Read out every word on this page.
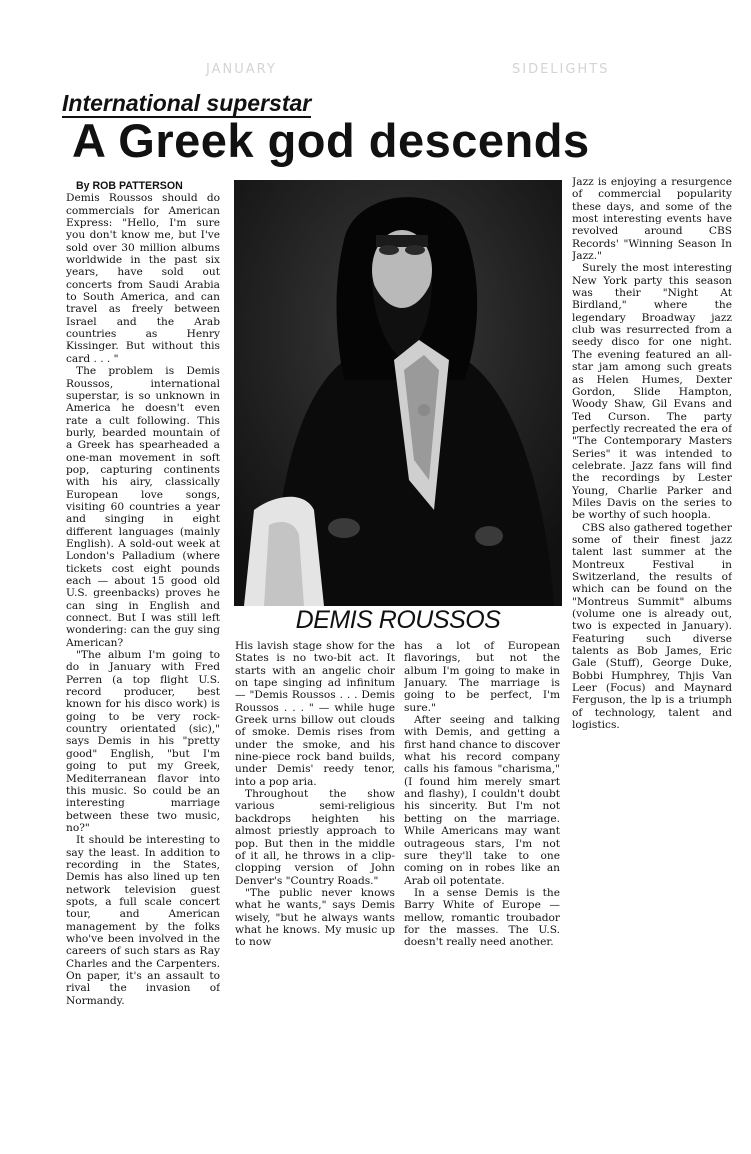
SIDELIGHTS
JANUARY
International superstar
A Greek god descends

By ROB PATTERSON

Demis Roussos should do commercials for American Express: "Hello, I'm sure you don't know me, but I've sold over 30 million albums worldwide in the past six years, have sold out concerts from Saudi Arabia to South America, and can travel as freely between Israel and the Arab countries as Henry Kissinger. But without this card . . . "

The problem is Demis Roussos, international superstar, is so unknown in America he doesn't even rate a cult following. This burly, bearded mountain of a Greek has spearheaded a one-man movement in soft pop, capturing continents with his airy, classically European love songs, visiting 60 countries a year and singing in eight different languages (mainly English). A sold-out week at London's Palladium (where tickets cost eight pounds each — about 15 good old U.S. greenbacks) proves he can sing in English and connect. But I was still left wondering: can the guy sing American?

"The album I'm going to do in January with Fred Perren (a top flight U.S. record producer, best known for his disco work) is going to be very rock-country orientated (sic)," says Demis in his "pretty good" English, "but I'm going to put my Greek, Mediterranean flavor into this music. So could be an interesting marriage between these two music, no?"

It should be interesting to say the least. In addition to recording in the States, Demis has also lined up ten network television guest spots, a full scale concert tour, and American management by the folks who've been involved in the careers of such stars as Ray Charles and the Carpenters. On paper, it's an assault to rival the invasion of Normandy.

DEMIS ROUSSOS

His lavish stage show for the States is no two-bit act. It starts with an angelic choir on tape singing ad infinitum — "Demis Roussos . . . Demis Roussos . . . " — while huge Greek urns billow out clouds of smoke. Demis rises from under the smoke, and his nine-piece rock band builds, under Demis' reedy tenor, into a pop aria.

Throughout the show various semi-religious backdrops heighten his almost priestly approach to pop. But then in the middle of it all, he throws in a clip-clopping version of John Denver's "Country Roads."

"The public never knows what he wants," says Demis wisely, "but he always wants what he knows. My music up to now

has a lot of European flavorings, but not the album I'm going to make in January. The marriage is going to be perfect, I'm sure."

After seeing and talking with Demis, and getting a first hand chance to discover what his record company calls his famous "charisma," (I found him merely smart and flashy), I couldn't doubt his sincerity. But I'm not betting on the marriage. While Americans may want outrageous stars, I'm not sure they'll take to one coming on in robes like an Arab oil potentate.

In a sense Demis is the Barry White of Europe — mellow, romantic troubador for the masses. The U.S. doesn't really need another.

Jazz is enjoying a resurgence of commercial popularity these days, and some of the most interesting events have revolved around CBS Records' "Winning Season In Jazz."

Surely the most interesting New York party this season was their "Night At Birdland," where the legendary Broadway jazz club was resurrected from a seedy disco for one night. The evening featured an all-star jam among such greats as Helen Humes, Dexter Gordon, Slide Hampton, Woody Shaw, Gil Evans and Ted Curson. The party perfectly recreated the era of "The Contemporary Masters Series" it was intended to celebrate. Jazz fans will find the recordings by Lester Young, Charlie Parker and Miles Davis on the series to be worthy of such hoopla.

CBS also gathered together some of their finest jazz talent last summer at the Montreux Festival in Switzerland, the results of which can be found on the "Montreus Summit" albums (volume one is already out, two is expected in January). Featuring such diverse talents as Bob James, Eric Gale (Stuff), George Duke, Bobbi Humphrey, Thjis Van Leer (Focus) and Maynard Ferguson, the lp is a triumph of technology, talent and logistics.
